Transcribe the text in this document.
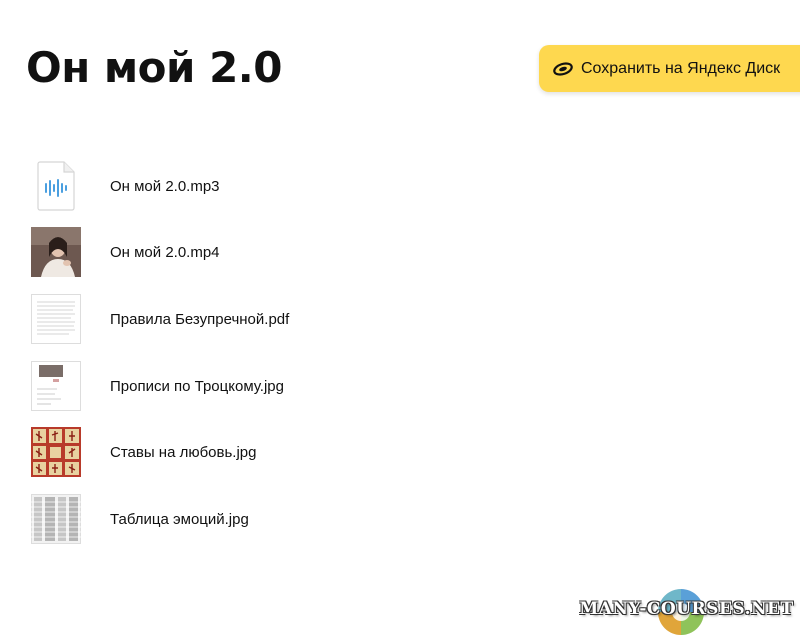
Он мой 2.0	Сохранить на Яндекс Диск
Он мой 2.0.mp3
Он мой 2.0.mp4
Правила Безупречной.pdf
Прописи по Троцкому.jpg
Ставы на любовь.jpg
Таблица эмоций.jpg
MANY-COURSES.NET
